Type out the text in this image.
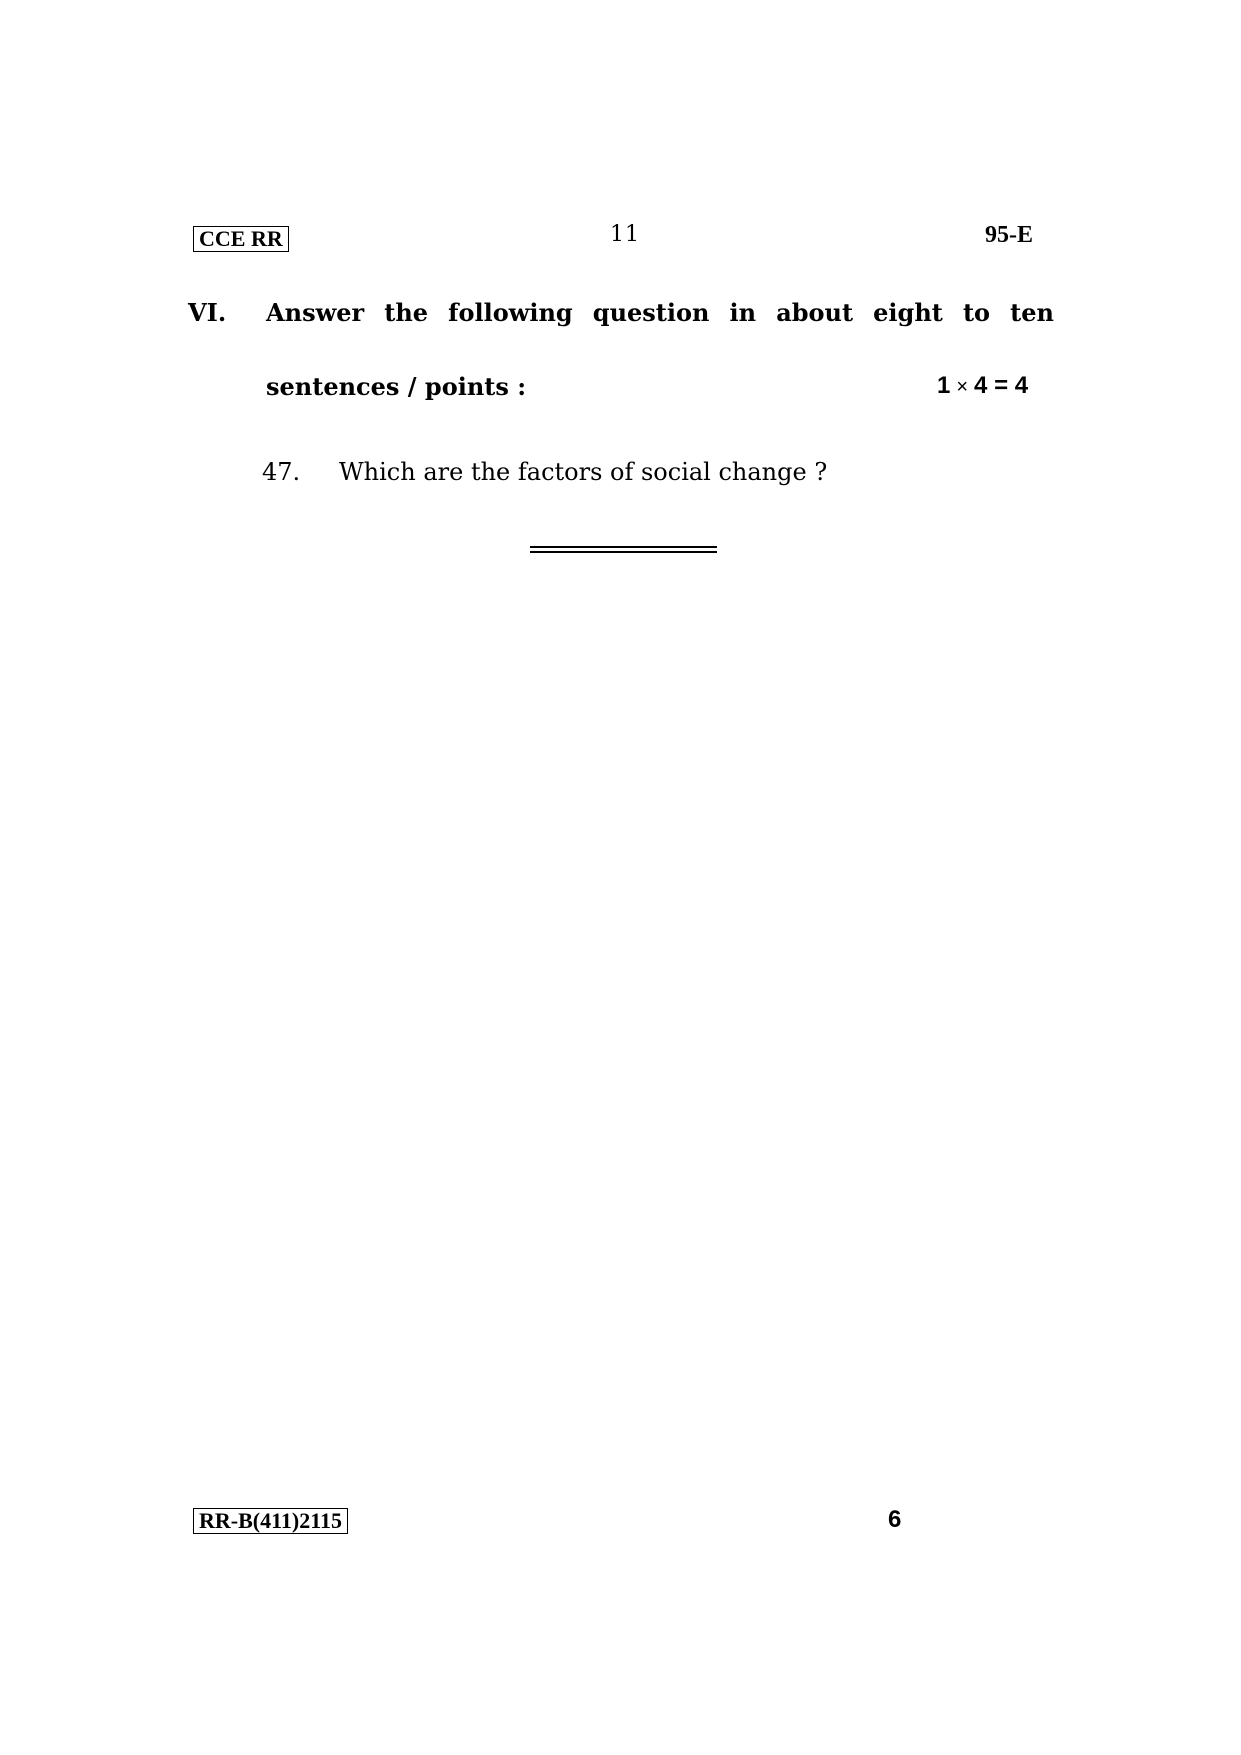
CCE RR	11	95-E
VI. Answer the following question in about eight to ten
sentences / points :	1 × 4 = 4
47. Which are the factors of social change ?
RR-B(411)2115	6
